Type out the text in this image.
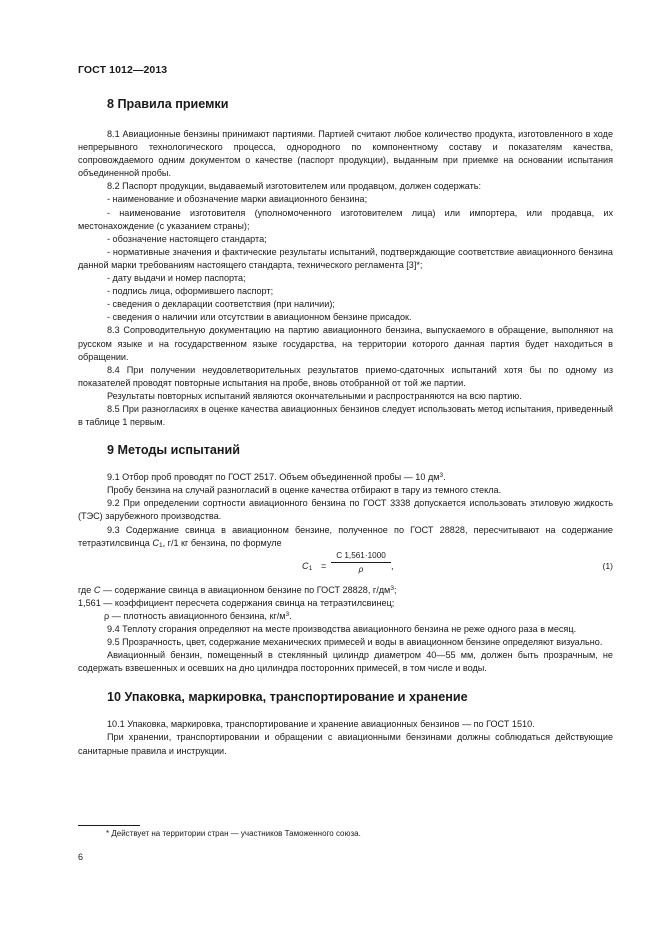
ГОСТ 1012—2013
8 Правила приемки

8.1 Авиационные бензины принимают партиями. Партией считают любое количество продукта, изготовленного в ходе непрерывного технологического процесса, однородного по компонентному составу и показателям качества, сопровождаемого одним документом о качестве (паспорт продукции), выданным при приемке на основании испытания объединенной пробы.

8.2 Паспорт продукции, выдаваемый изготовителем или продавцом, должен содержать:

- наименование и обозначение марки авиационного бензина;

- наименование изготовителя (уполномоченного изготовителем лица) или импортера, или продавца, их местонахождение (с указанием страны);

- обозначение настоящего стандарта;

- нормативные значения и фактические результаты испытаний, подтверждающие соответствие авиационного бензина данной марки требованиям настоящего стандарта, технического регламента [3]*;

- дату выдачи и номер паспорта;

- подпись лица, оформившего паспорт;

- сведения о декларации соответствия (при наличии);

- сведения о наличии или отсутствии в авиационном бензине присадок.

8.3 Сопроводительную документацию на партию авиационного бензина, выпускаемого в обращение, выполняют на русском языке и на государственном языке государства, на территории которого данная партия будет находиться в обращении.

8.4 При получении неудовлетворительных результатов приемо-сдаточных испытаний хотя бы по одному из показателей проводят повторные испытания на пробе, вновь отобранной от той же партии.

Результаты повторных испытаний являются окончательными и распространяются на всю партию.

8.5 При разногласиях в оценке качества авиационных бензинов следует использовать метод испытания, приведенный в таблице 1 первым.

9 Методы испытаний

9.1 Отбор проб проводят по ГОСТ 2517. Объем объединенной пробы — 10 $дм^3$.

Пробу бензина на случай разногласий в оценке качества отбирают в тару из темного стекла.

9.2 При определении сортности авиационного бензина по ГОСТ 3338 допускается использовать этиловую жидкость (ТЭС) зарубежного производства.

9.3 Содержание свинца в авиационном бензине, полученное по ГОСТ 28828, пересчитывают на содержание тетраэтилсвинца $C_1$, г/1 кг бензина, по формуле

$C_1 = \frac{C 1,561\cdot 1000}{\rho}$ ,	(1)

где C — содержание свинца в авиационном бензине по ГОСТ 28828, $г/дм^3$;

1,561 — коэффициент пересчета содержания свинца на тетраэтилсвинец;

ρ — плотность авиационного бензина, $кг/м^3$.

9.4 Теплоту сгорания определяют на месте производства авиационного бензина не реже одного раза в месяц.

9.5 Прозрачность, цвет, содержание механических примесей и воды в авиационном бензине определяют визуально.

Авиационный бензин, помещенный в стеклянный цилиндр диаметром 40—55 мм, должен быть прозрачным, не содержать взвешенных и осевших на дно цилиндра посторонних примесей, в том числе и воды.

10 Упаковка, маркировка, транспортирование и хранение

10.1 Упаковка, маркировка, транспортирование и хранение авиационных бензинов — по ГОСТ 1510.

При хранении, транспортировании и обращении с авиационными бензинами должны соблюдаться действующие санитарные правила и инструкции.

* Действует на территории стран — участников Таможенного союза.
6
